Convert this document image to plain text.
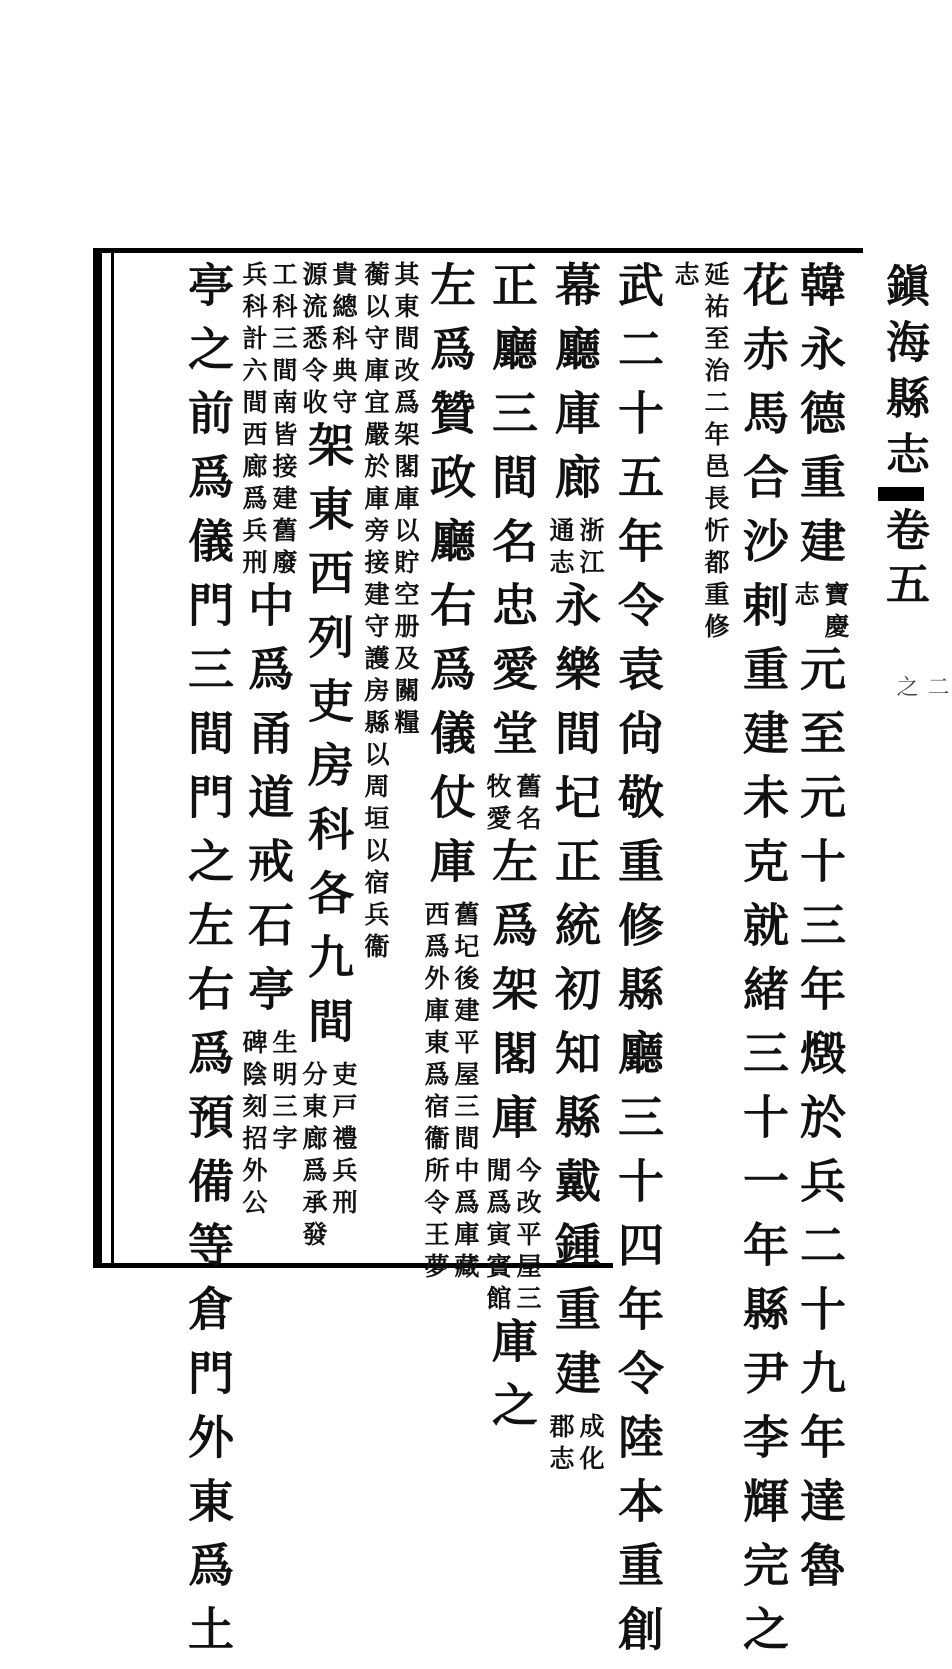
鎭海縣志
卷五
二之
韓永德重建
寶慶
志
元至元十三年燬於兵二十九年達魯
花赤馬合沙剌重建未克就緒三十一年縣尹李輝完之
延祐至治二年邑長忻都重修
志
武二十五年令袁尙敬重修縣廳三十四年令陸本重創
幕廳庫廊
浙江
通志
永樂間圮正統初知縣戴鍾重建
成化
郡志
正廳三間名忠愛堂
舊名
牧愛
左爲架閣庫
今改平屋三
閒爲寅賓館
庫之
左爲贊政廳右爲儀仗庫
舊圮後建平屋三間中爲庫藏
西爲外庫東爲宿衞所令王夢
其東間改爲架閣庫以貯空册及關糧
蘅以守庫宜嚴於庫旁接建守護房縣以周垣以宿兵衞
貴總科典守
源流悉令收
架東西列吏房科各九間
吏戸禮兵刑
分東廊爲承發
工科三間南皆接建舊廢
兵科計六間西廊爲兵刑
中爲甬道戒石亭
生明三字
碑陰刻招外公
亭之前爲儀門三間門之左右爲預備等倉門外東爲土
